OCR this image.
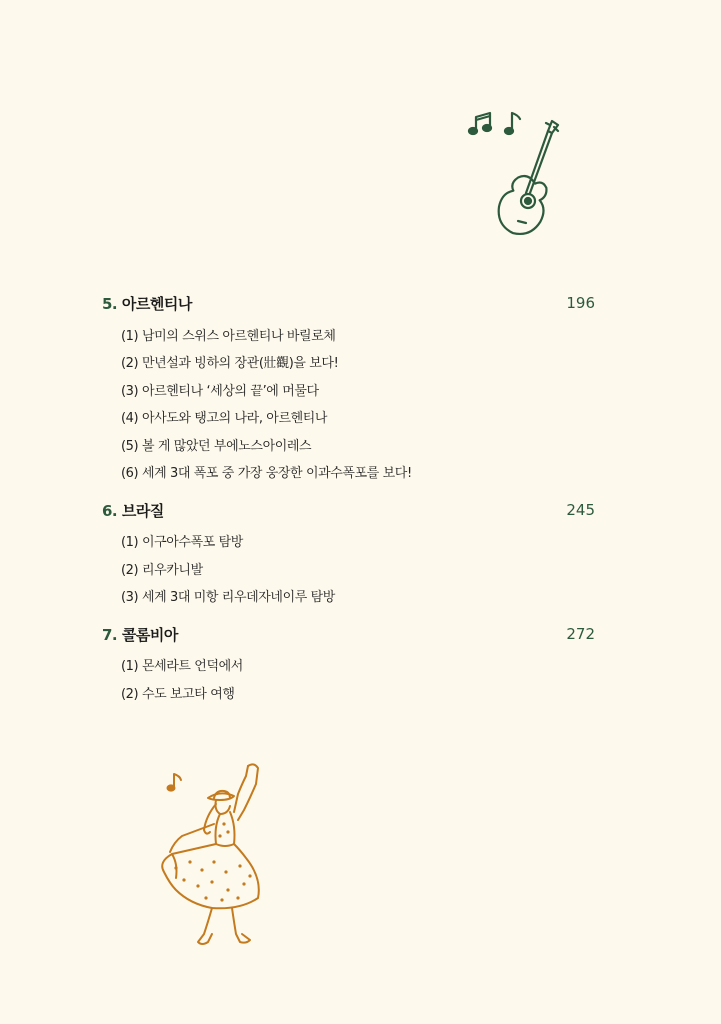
5. 아르헨티나	196
(1) 남미의 스위스 아르헨티나 바릴로체
(2) 만년설과 빙하의 장관(壯觀)을 보다!
(3) 아르헨티나 ‘세상의 끝’에 머물다
(4) 아사도와 탱고의 나라, 아르헨티나
(5) 볼 게 많았던 부에노스아이레스
(6) 세계 3대 폭포 중 가장 웅장한 이과수폭포를 보다!
6. 브라질	245
(1) 이구아수폭포 탐방
(2) 리우카니발
(3) 세계 3대 미항 리우데자네이루 탐방
7. 콜롬비아	272
(1) 몬세라트 언덕에서
(2) 수도 보고타 여행
